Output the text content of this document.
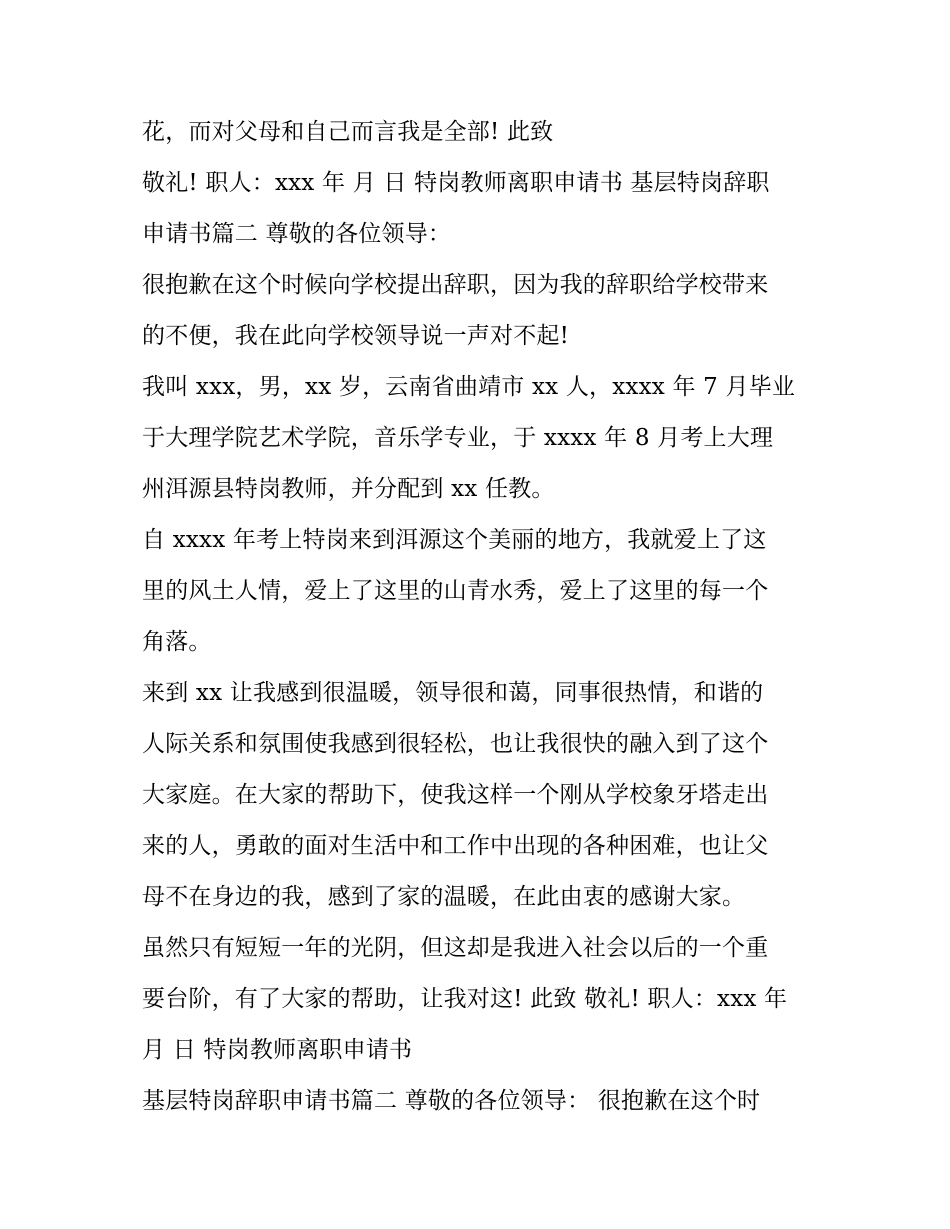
花，而对父母和自己而言我是全部! 此致
敬礼! 职人：xxx 年 月 日 特岗教师离职申请书 基层特岗辞职
申请书篇二 尊敬的各位领导：
很抱歉在这个时候向学校提出辞职，因为我的辞职给学校带来
的不便，我在此向学校领导说一声对不起!
我叫 xxx，男，xx 岁，云南省曲靖市 xx 人，xxxx 年 7 月毕业
于大理学院艺术学院，音乐学专业，于 xxxx 年 8 月考上大理
州洱源县特岗教师，并分配到 xx 任教。
自 xxxx 年考上特岗来到洱源这个美丽的地方，我就爱上了这
里的风土人情，爱上了这里的山青水秀，爱上了这里的每一个
角落。
来到 xx 让我感到很温暖，领导很和蔼，同事很热情，和谐的
人际关系和氛围使我感到很轻松，也让我很快的融入到了这个
大家庭。在大家的帮助下，使我这样一个刚从学校象牙塔走出
来的人，勇敢的面对生活中和工作中出现的各种困难，也让父
母不在身边的我，感到了家的温暖，在此由衷的感谢大家。
虽然只有短短一年的光阴，但这却是我进入社会以后的一个重
要台阶，有了大家的帮助，让我对这! 此致 敬礼! 职人：xxx 年
月 日 特岗教师离职申请书
基层特岗辞职申请书篇二 尊敬的各位领导： 很抱歉在这个时
